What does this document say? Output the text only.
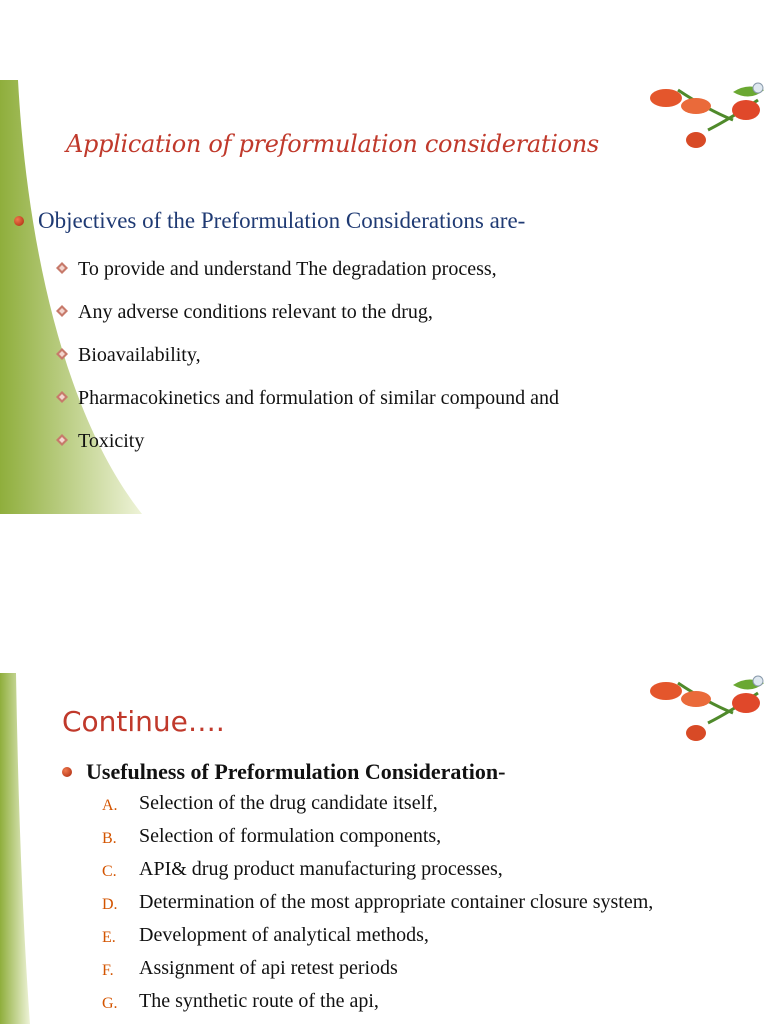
Application of preformulation considerations
Objectives of the Preformulation Considerations are-
To provide and understand The degradation process,
Any adverse conditions relevant to the drug,
Bioavailability,
Pharmacokinetics and formulation of similar compound and
Toxicity
Continue….
Usefulness of Preformulation Consideration-
A.	Selection of the drug candidate itself,
B.	Selection of formulation components,
C.	API& drug product manufacturing processes,
D.	Determination of the most appropriate container closure system,
E.	Development of analytical methods,
F.	Assignment of api retest periods
G.	The synthetic route of the api,
